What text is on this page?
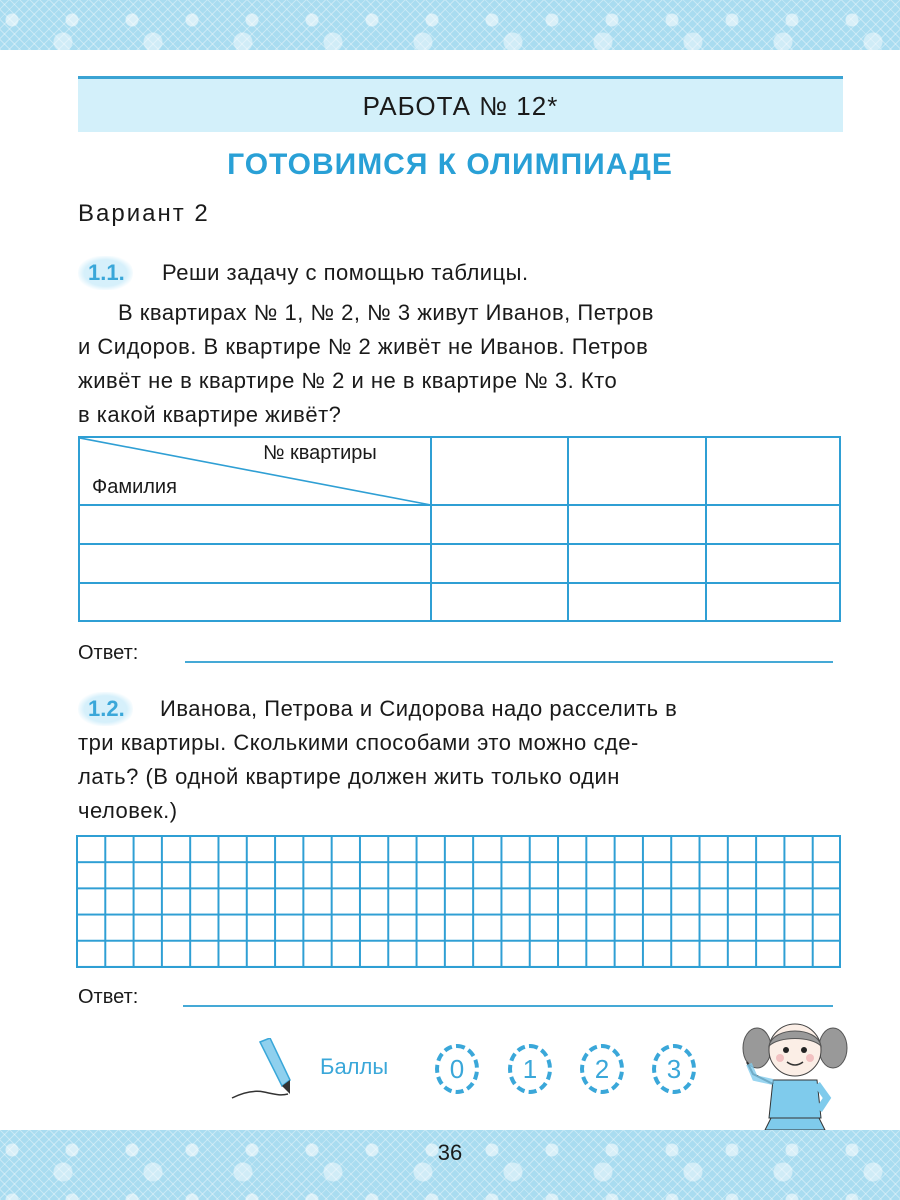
РАБОТА № 12*
ГОТОВИМСЯ К ОЛИМПИАДЕ
Вариант 2
1.1.	Реши задачу с помощью таблицы.
В квартирах № 1, № 2, № 3 живут Иванов, Петров
и Сидоров. В квартире № 2 живёт не Иванов. Петров
живёт не в квартире № 2 и не в квартире № 3. Кто
в какой квартире живёт?
№ квартиры
Фамилия
Ответ:
1.2.	Иванова, Петрова и Сидорова надо расселить в
три квартиры. Сколькими способами это можно сде-
лать? (В одной квартире должен жить только один
человек.)
Ответ:
Баллы	0	1	2	3
36
